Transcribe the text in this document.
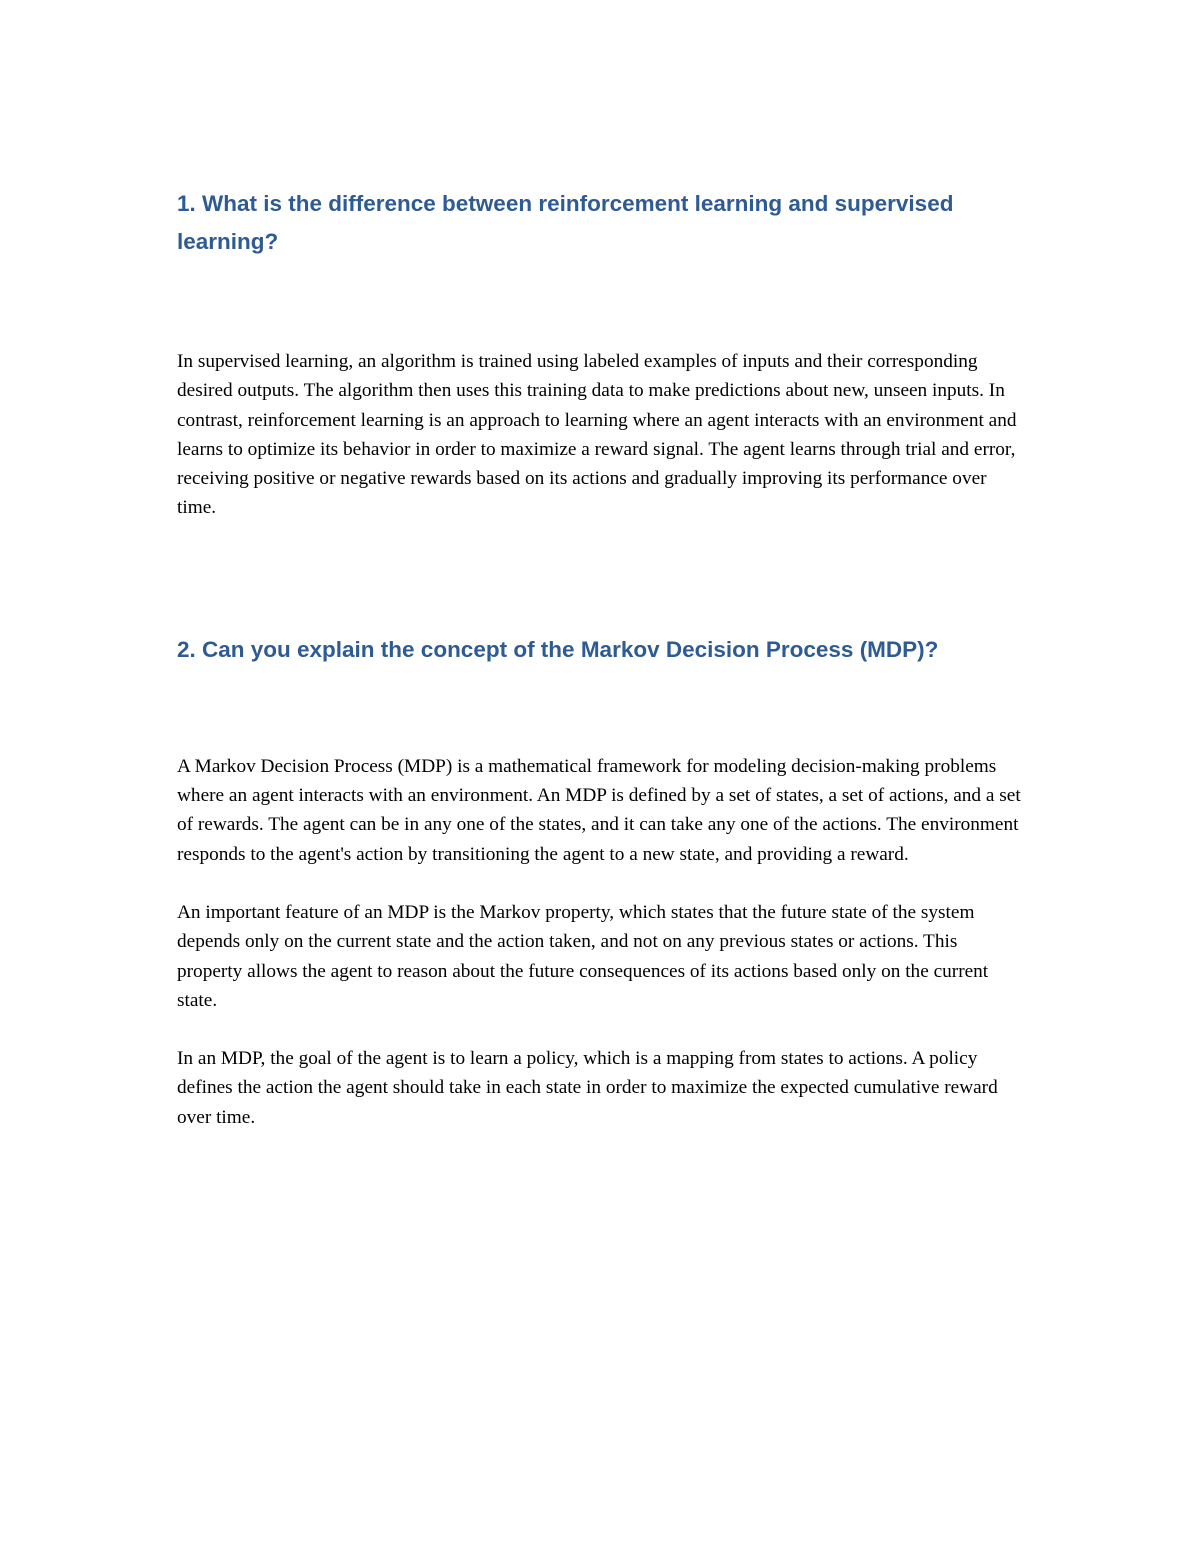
1. What is the difference between reinforcement learning and supervised learning?

In supervised learning, an algorithm is trained using labeled examples of inputs and their corresponding desired outputs. The algorithm then uses this training data to make predictions about new, unseen inputs. In contrast, reinforcement learning is an approach to learning where an agent interacts with an environment and learns to optimize its behavior in order to maximize a reward signal. The agent learns through trial and error, receiving positive or negative rewards based on its actions and gradually improving its performance over time.

2. Can you explain the concept of the Markov Decision Process (MDP)?

A Markov Decision Process (MDP) is a mathematical framework for modeling decision-making problems where an agent interacts with an environment. An MDP is defined by a set of states, a set of actions, and a set of rewards. The agent can be in any one of the states, and it can take any one of the actions. The environment responds to the agent's action by transitioning the agent to a new state, and providing a reward.

An important feature of an MDP is the Markov property, which states that the future state of the system depends only on the current state and the action taken, and not on any previous states or actions. This property allows the agent to reason about the future consequences of its actions based only on the current state.

In an MDP, the goal of the agent is to learn a policy, which is a mapping from states to actions. A policy defines the action the agent should take in each state in order to maximize the expected cumulative reward over time.
